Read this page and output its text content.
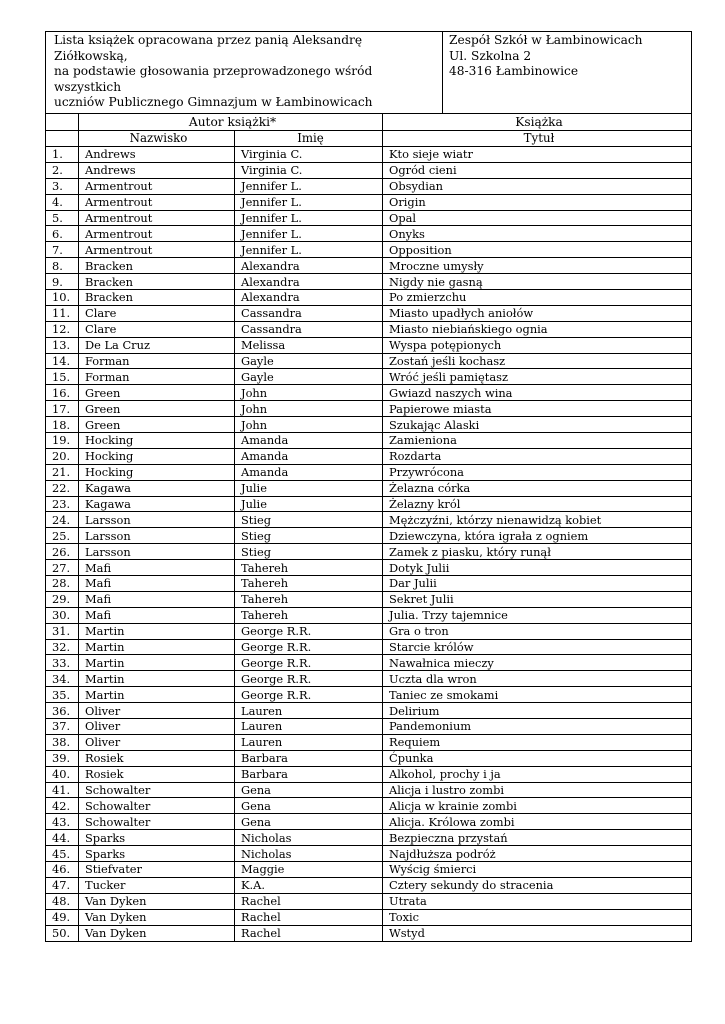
Lista książek opracowana przez panią Aleksandrę Ziółkowską,
na podstawie głosowania przeprowadzonego wśród wszystkich
uczniów Publicznego Gimnazjum w Łambinowicach				Zespół Szkół w Łambinowicach
Ul. Szkolna 2
48-316 Łambinowice

	Autor książki*		Książka	
	Nazwisko	Imię	Tytuł	
1.	Andrews	Virginia C.	Kto sieje wiatr	
2.	Andrews	Virginia C.	Ogród cieni	
3.	Armentrout	Jennifer L.	Obsydian	
4.	Armentrout	Jennifer L.	Origin	
5.	Armentrout	Jennifer L.	Opal	
6.	Armentrout	Jennifer L.	Onyks	
7.	Armentrout	Jennifer L.	Opposition	
8.	Bracken	Alexandra	Mroczne umysły	
9.	Bracken	Alexandra	Nigdy nie gasną	
10.	Bracken	Alexandra	Po zmierzchu	
11.	Clare	Cassandra	Miasto upadłych aniołów	
12.	Clare	Cassandra	Miasto niebiańskiego ognia	
13.	De La Cruz	Melissa	Wyspa potępionych	
14.	Forman	Gayle	Zostań jeśli kochasz	
15.	Forman	Gayle	Wróć jeśli pamiętasz	
16.	Green	John	Gwiazd naszych wina	
17.	Green	John	Papierowe miasta	
18.	Green	John	Szukając Alaski	
19.	Hocking	Amanda	Zamieniona	
20.	Hocking	Amanda	Rozdarta	
21.	Hocking	Amanda	Przywrócona	
22.	Kagawa	Julie	Żelazna córka	
23.	Kagawa	Julie	Żelazny król	
24.	Larsson	Stieg	Mężczyźni, którzy nienawidzą kobiet	
25.	Larsson	Stieg	Dziewczyna, która igrała z ogniem	
26.	Larsson	Stieg	Zamek z piasku, który runął	
27.	Mafi	Tahereh	Dotyk Julii	
28.	Mafi	Tahereh	Dar Julii	
29.	Mafi	Tahereh	Sekret Julii	
30.	Mafi	Tahereh	Julia. Trzy tajemnice	
31.	Martin	George R.R.	Gra o tron	
32.	Martin	George R.R.	Starcie królów	
33.	Martin	George R.R.	Nawałnica mieczy	
34.	Martin	George R.R.	Uczta dla wron	
35.	Martin	George R.R.	Taniec ze smokami	
36.	Oliver	Lauren	Delirium	
37.	Oliver	Lauren	Pandemonium	
38.	Oliver	Lauren	Requiem	
39.	Rosiek	Barbara	Ćpunka	
40.	Rosiek	Barbara	Alkohol, prochy i ja	
41.	Schowalter	Gena	Alicja i lustro zombi	
42.	Schowalter	Gena	Alicja w krainie zombi	
43.	Schowalter	Gena	Alicja. Królowa zombi	
44.	Sparks	Nicholas	Bezpieczna przystań	
45.	Sparks	Nicholas	Najdłuższa podróż	
46.	Stiefvater	Maggie	Wyścig śmierci	
47.	Tucker	K.A.	Cztery sekundy do stracenia	
48.	Van Dyken	Rachel	Utrata	
49.	Van Dyken	Rachel	Toxic	
50.	Van Dyken	Rachel	Wstyd	
